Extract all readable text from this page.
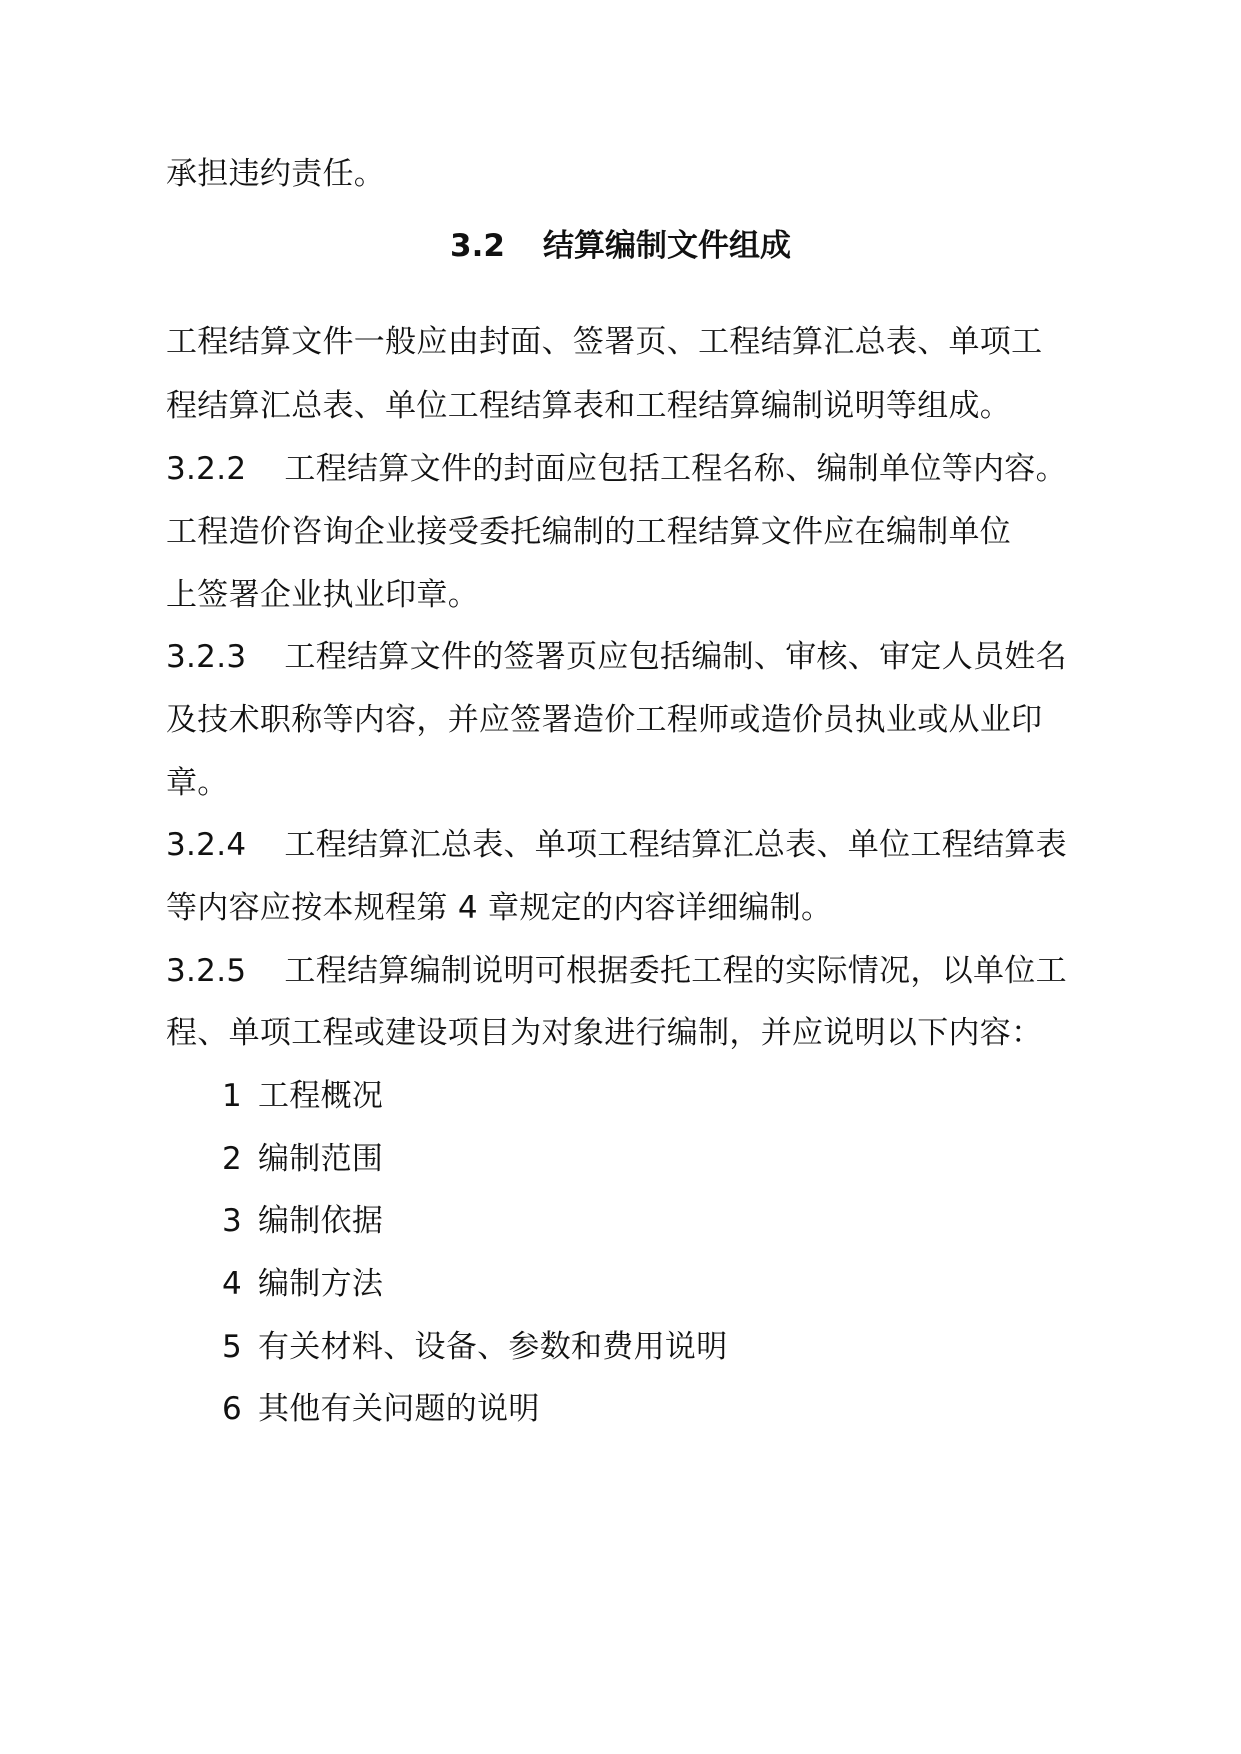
承担违约责任。
3.2 结算编制文件组成
工程结算文件一般应由封面、签署页、工程结算汇总表、单项工
程结算汇总表、单位工程结算表和工程结算编制说明等组成。
3.2.2 工程结算文件的封面应包括工程名称、编制单位等内容。
工程造价咨询企业接受委托编制的工程结算文件应在编制单位
上签署企业执业印章。
3.2.3 工程结算文件的签署页应包括编制、审核、审定人员姓名
及技术职称等内容，并应签署造价工程师或造价员执业或从业印
章。
3.2.4 工程结算汇总表、单项工程结算汇总表、单位工程结算表
等内容应按本规程第 4 章规定的内容详细编制。
3.2.5 工程结算编制说明可根据委托工程的实际情况，以单位工
程、单项工程或建设项目为对象进行编制，并应说明以下内容：
1 工程概况
2 编制范围
3 编制依据
4 编制方法
5 有关材料、设备、参数和费用说明
6 其他有关问题的说明
